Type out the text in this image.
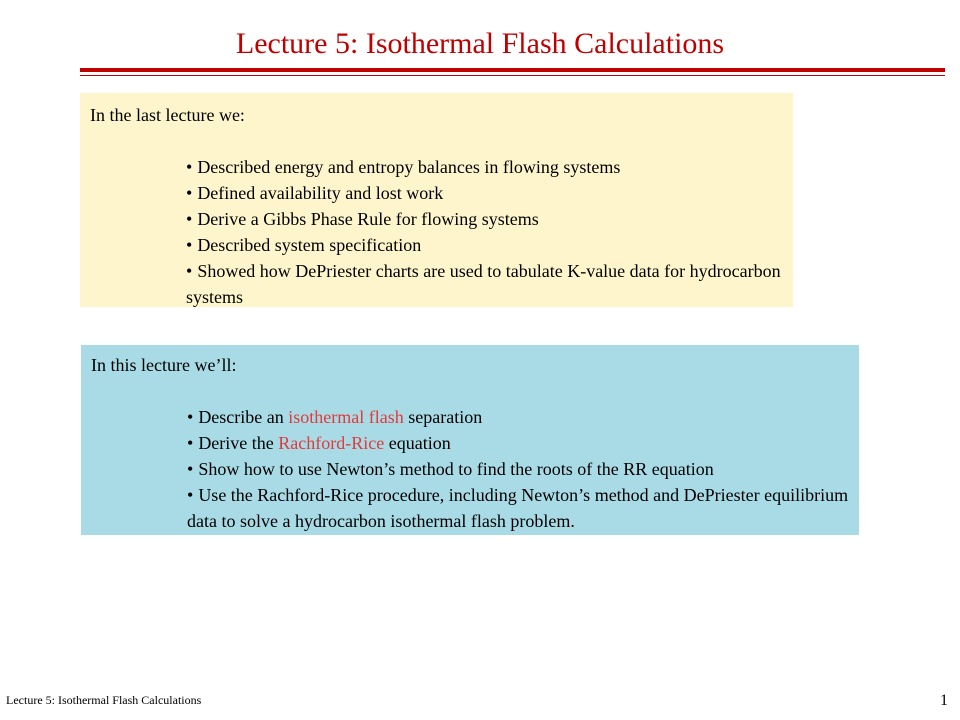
Lecture 5: Isothermal Flash Calculations

In the last lecture we:

• Described energy and entropy balances in flowing systems
• Defined availability and lost work
• Derive a Gibbs Phase Rule for flowing systems
• Described system specification
• Showed how DePriester charts are used to tabulate K-value data for hydrocarbon systems

In this lecture we’ll:

• Describe an isothermal flash separation
• Derive the Rachford-Rice equation
• Show how to use Newton’s method to find the roots of the RR equation
• Use the Rachford-Rice procedure, including Newton’s method and DePriester equilibrium data to solve a hydrocarbon isothermal flash problem.
Lecture 5: Isothermal Flash Calculations	1
